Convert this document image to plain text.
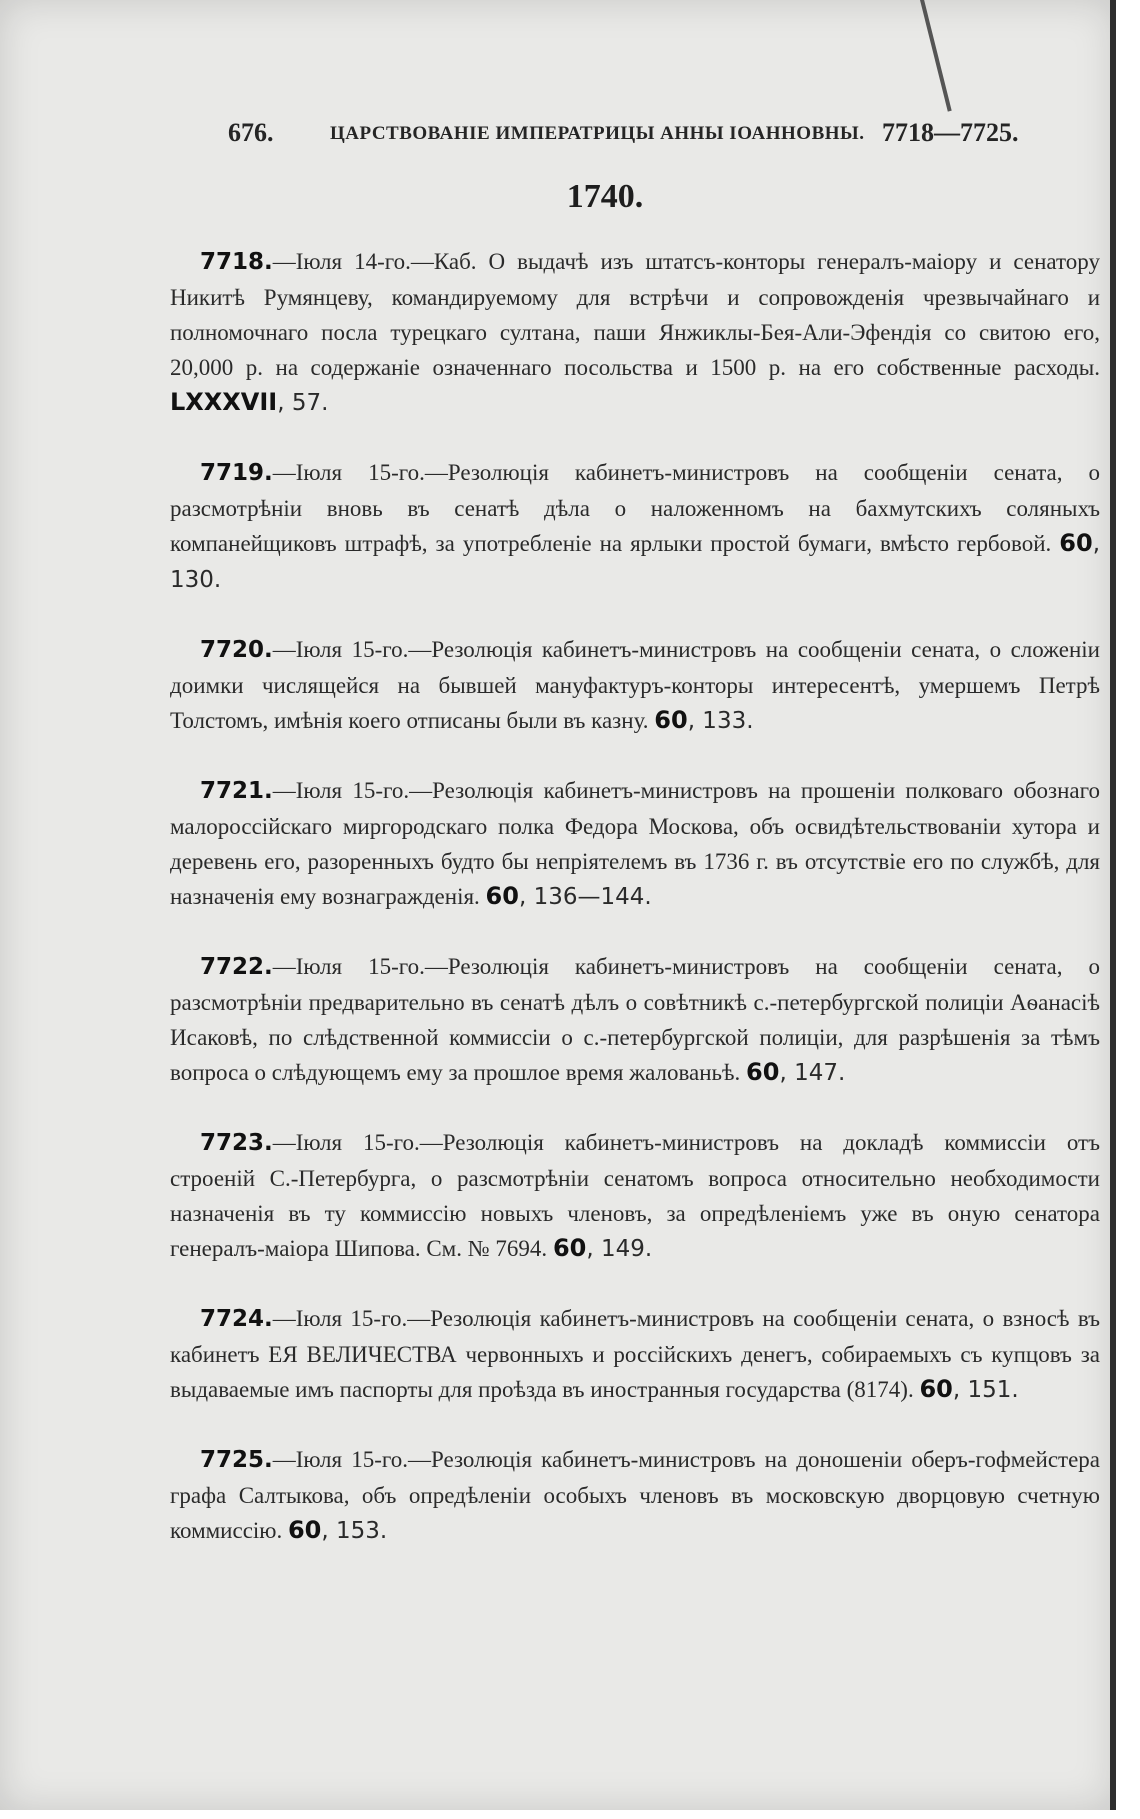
676.	ЦАРСТВОВАНІЕ ИМПЕРАТРИЦЫ АННЫ ІОАННОВНЫ. 7718—7725.
1740.
7718.—Іюля 14-го.—Каб. О выдачѣ изъ штатсъ-конторы генералъ-маіору и сенатору Никитѣ Румянцеву, командируемому для встрѣчи и сопровожденія чрезвычайнаго и полномочнаго посла турецкаго султана, паши Янжиклы-Бея-Али-Эфендія со свитою его, 20,000 р. на содержаніе означеннаго посольства и 1500 р. на его собственные расходы. LXXXVII, 57.
7719.—Іюля 15-го.—Резолюція кабинетъ-министровъ на сообщеніи сената, о разсмотрѣніи вновь въ сенатѣ дѣла о наложенномъ на бахмутскихъ соляныхъ компанейщиковъ штрафѣ, за употребленіе на ярлыки простой бумаги, вмѣсто гербовой. 60, 130.
7720.—Іюля 15-го.—Резолюція кабинетъ-министровъ на сообщеніи сената, о сложеніи доимки числящейся на бывшей мануфактуръ-конторы интересентѣ, умершемъ Петрѣ Толстомъ, имѣнія коего отписаны были въ казну. 60, 133.
7721.—Іюля 15-го.—Резолюція кабинетъ-министровъ на прошеніи полковаго обознаго малороссійскаго миргородскаго полка Федора Москова, объ освидѣтельствованіи хутора и деревень его, разоренныхъ будто бы непріятелемъ въ 1736 г. въ отсутствіе его по службѣ, для назначенія ему вознагражденія. 60, 136—144.
7722.—Іюля 15-го.—Резолюція кабинетъ-министровъ на сообщеніи сената, о разсмотрѣніи предварительно въ сенатѣ дѣлъ о совѣтникѣ с.-петербургской полиціи Аѳанасіѣ Исаковѣ, по слѣдственной коммиссіи о с.-петербургской полиціи, для разрѣшенія за тѣмъ вопроса о слѣдующемъ ему за прошлое время жалованьѣ. 60, 147.
7723.—Іюля 15-го.—Резолюція кабинетъ-министровъ на докладѣ коммиссіи отъ строеній С.-Петербурга, о разсмотрѣніи сенатомъ вопроса относительно необходимости назначенія въ ту коммиссію новыхъ членовъ, за опредѣленіемъ уже въ оную сенатора генералъ-маіора Шипова. См. № 7694. 60, 149.
7724.—Іюля 15-го.—Резолюція кабинетъ-министровъ на сообщеніи сената, о взносѣ въ кабинетъ ЕЯ ВЕЛИЧЕСТВА червонныхъ и россійскихъ денегъ, собираемыхъ съ купцовъ за выдаваемые имъ паспорты для проѣзда въ иностранныя государства (8174). 60, 151.
7725.—Іюля 15-го.—Резолюція кабинетъ-министровъ на доношеніи оберъ-гофмейстера графа Салтыкова, объ опредѣленіи особыхъ членовъ въ московскую дворцовую счетную коммиссію. 60, 153.
